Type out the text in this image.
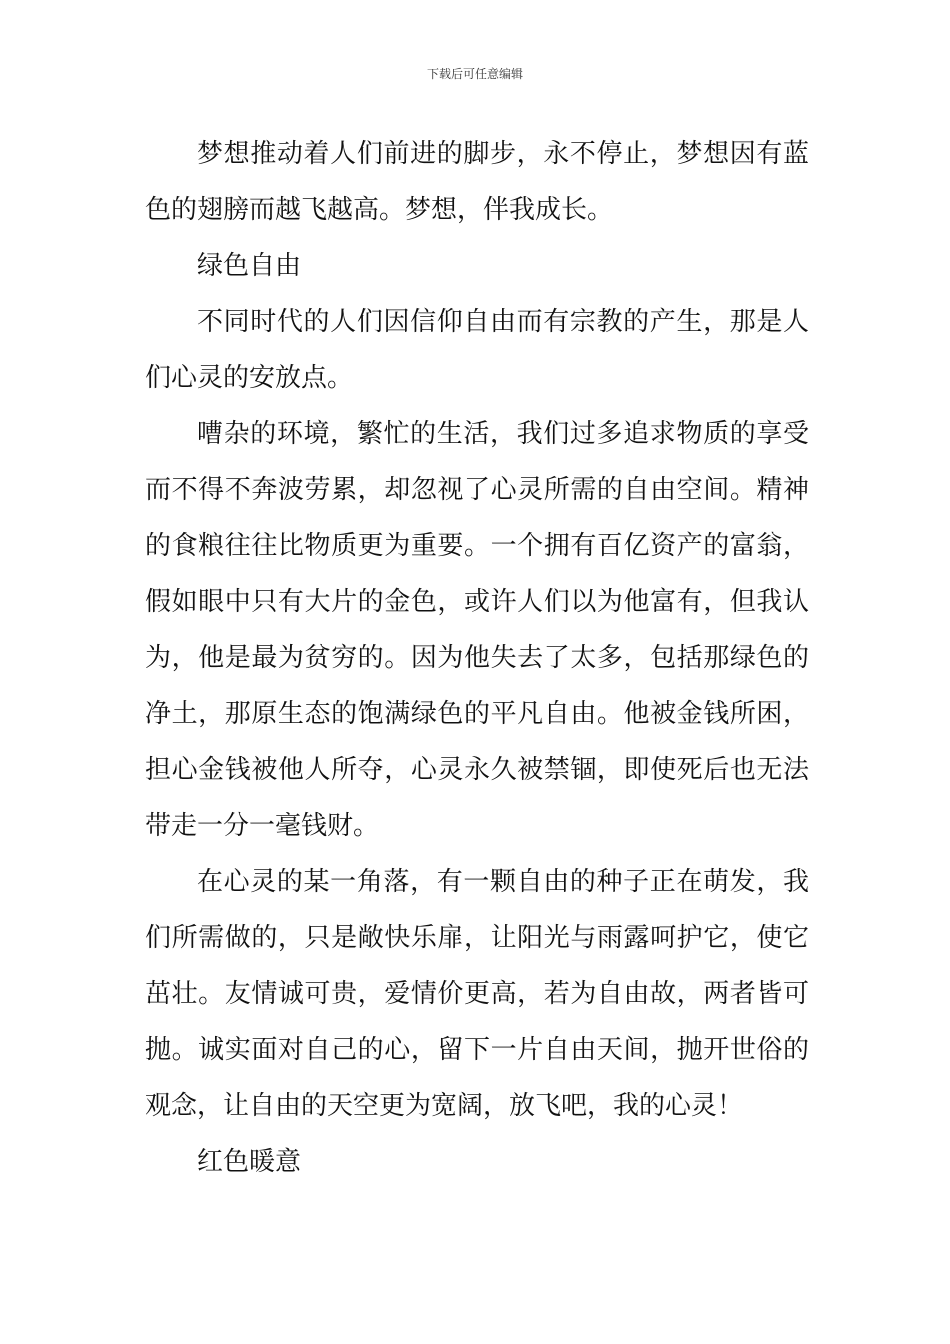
下载后可任意编辑

梦想推动着人们前进的脚步，永不停止，梦想因有蓝色的翅膀而越飞越高。梦想，伴我成长。

绿色自由

不同时代的人们因信仰自由而有宗教的产生，那是人们心灵的安放点。

嘈杂的环境，繁忙的生活，我们过多追求物质的享受而不得不奔波劳累，却忽视了心灵所需的自由空间。精神的食粮往往比物质更为重要。一个拥有百亿资产的富翁，假如眼中只有大片的金色，或许人们以为他富有，但我认为，他是最为贫穷的。因为他失去了太多，包括那绿色的净土，那原生态的饱满绿色的平凡自由。他被金钱所困，担心金钱被他人所夺，心灵永久被禁锢，即使死后也无法带走一分一毫钱财。

在心灵的某一角落，有一颗自由的种子正在萌发，我们所需做的，只是敞快乐扉，让阳光与雨露呵护它，使它茁壮。友情诚可贵，爱情价更高，若为自由故，两者皆可抛。诚实面对自己的心，留下一片自由天间，抛开世俗的观念，让自由的天空更为宽阔，放飞吧，我的心灵！

红色暖意
